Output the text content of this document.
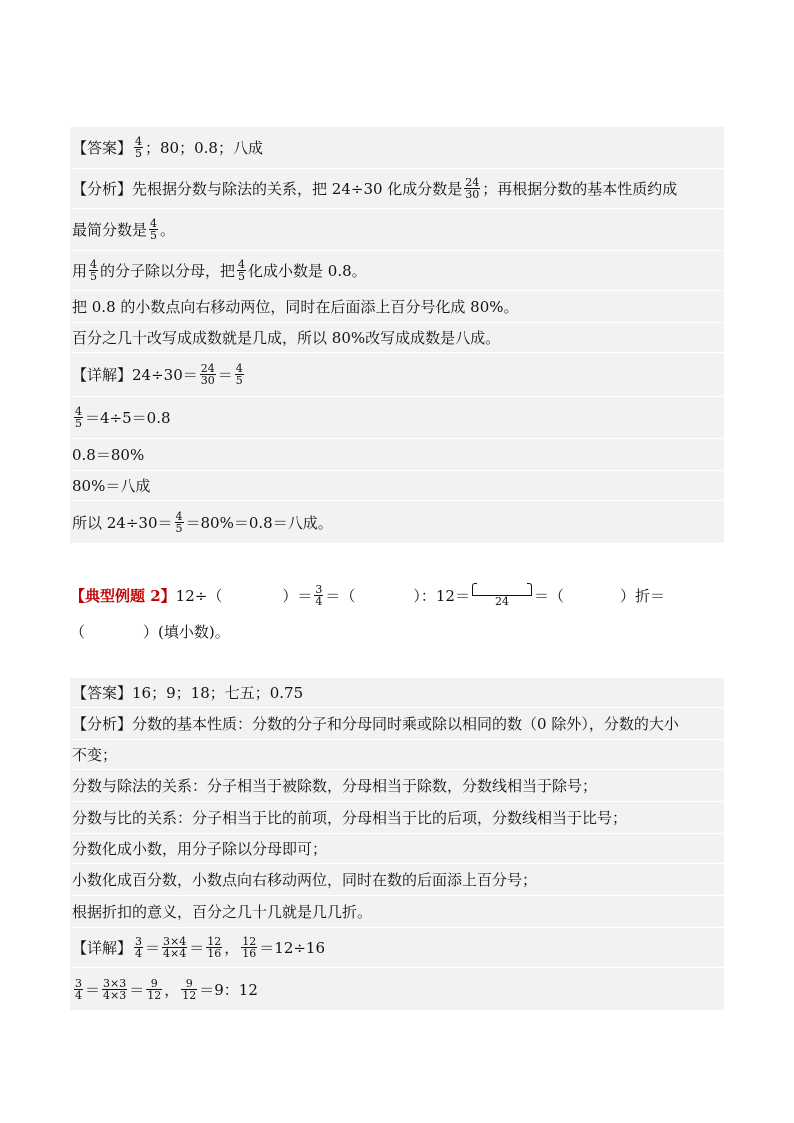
【答案】 $\frac{4}{5}$ ；80；0.8；八成
【分析】 先根据分数与除法的关系，把 24÷30 化成分数是 $\frac{24}{30}$ ；再根据分数的基本性质约成
最简分数是 $\frac{4}{5}$ 。
用 $\frac{4}{5}$ 的分子除以分母，把 $\frac{4}{5}$ 化成小数是 0.8。
把 0.8 的小数点向右移动两位，同时在后面添上百分号化成 80%。
百分之几十改写成成数就是几成，所以 80%改写成成数是八成。
【详解】 $24\div 30= \frac{24}{30} = \frac{4}{5}$
$\frac{4}{5} =4\div 5=0.8$
0.8＝80%
80%＝八成
所以 $24\div 30= \frac{4}{5} =80\%=0.8=$八成。
【典型例题 2】 12÷（	）＝ $\frac{3}{4}$ ＝（	）：12＝ 24 ＝（	）折＝
（	）(填小数)。
【答案】 16；9；18；七五；0.75
【分析】 分数的基本性质：分数的分子和分母同时乘或除以相同的数（0 除外），分数的大小
不变；
分数与除法的关系：分子相当于被除数，分母相当于除数，分数线相当于除号；
分数与比的关系：分子相当于比的前项，分母相当于比的后项，分数线相当于比号；
分数化成小数，用分子除以分母即可；
小数化成百分数，小数点向右移动两位，同时在数的后面添上百分号；
根据折扣的意义，百分之几十几就是几几折。
【详解】 $\frac{3}{4} = \frac{3\times 4}{4\times 4} = \frac{12}{16}$ ， $\frac{12}{16} =12\div 16$
$\frac{3}{4} = \frac{3\times 3}{4\times 3} = \frac{9}{12}$ ， $\frac{9}{12} =9$：12
